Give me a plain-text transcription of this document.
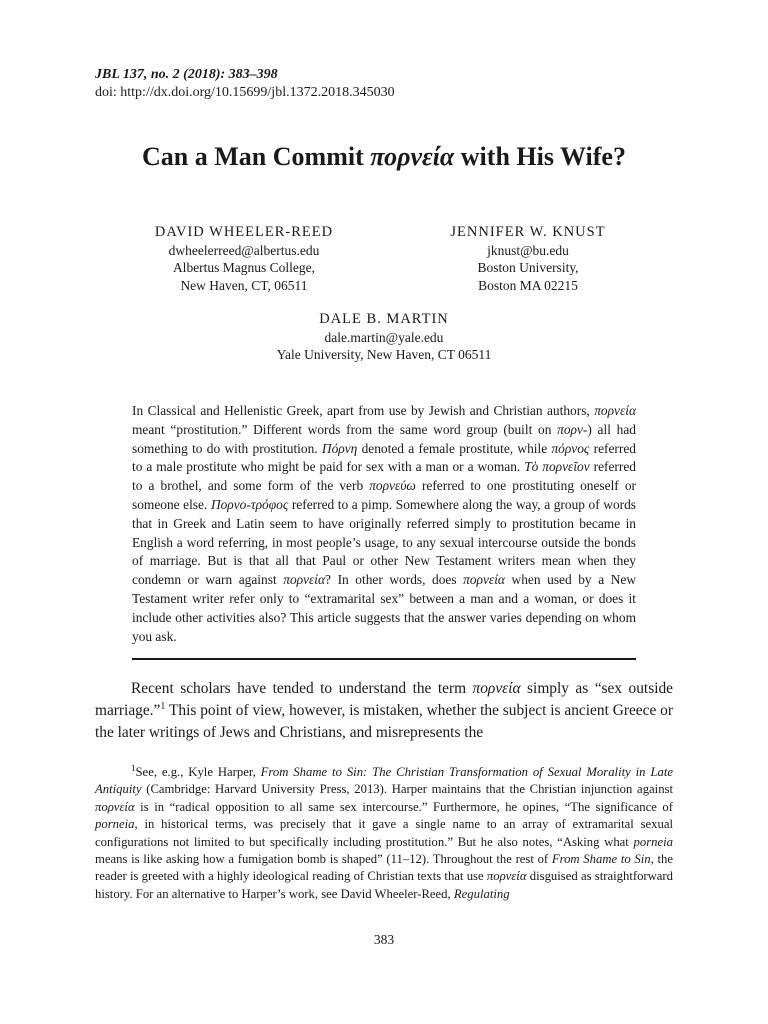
JBL 137, no. 2 (2018): 383–398
doi: http://dx.doi.org/10.15699/jbl.1372.2018.345030
Can a Man Commit πορνεία with His Wife?
DAVID WHEELER-REED
dwheelerreed@albertus.edu
Albertus Magnus College,
New Haven, CT, 06511
JENNIFER W. KNUST
jknust@bu.edu
Boston University,
Boston MA 02215
DALE B. MARTIN
dale.martin@yale.edu
Yale University, New Haven, CT 06511

In Classical and Hellenistic Greek, apart from use by Jewish and Christian authors, πορνεία meant “prostitution.” Different words from the same word group (built on πορν-) all had something to do with prostitution. Πόρνη denoted a female prostitute, while πόρνος referred to a male prostitute who might be paid for sex with a man or a woman. Τὸ πορνεῖον referred to a brothel, and some form of the verb πορνεύω referred to one prostituting oneself or someone else. Πορνο-τρόφος referred to a pimp. Somewhere along the way, a group of words that in Greek and Latin seem to have originally referred simply to prostitution became in English a word referring, in most people’s usage, to any sexual intercourse outside the bonds of marriage. But is that all that Paul or other New Testament writers mean when they condemn or warn against πορνεία? In other words, does πορνεία when used by a New Testament writer refer only to “extramarital sex” between a man and a woman, or does it include other activities also? This article suggests that the answer varies depending on whom you ask.

Recent scholars have tended to understand the term πορνεία simply as “sex outside marriage.”$^1$ This point of view, however, is mistaken, whether the subject is ancient Greece or the later writings of Jews and Christians, and misrepresents the

$^1$See, e.g., Kyle Harper, From Shame to Sin: The Christian Transformation of Sexual Morality in Late Antiquity (Cambridge: Harvard University Press, 2013). Harper maintains that the Christian injunction against πορνεία is in “radical opposition to all same sex intercourse.” Furthermore, he opines, “The significance of porneia, in historical terms, was precisely that it gave a single name to an array of extramarital sexual configurations not limited to but specifically including prostitution.” But he also notes, “Asking what porneia means is like asking how a fumigation bomb is shaped” (11–12). Throughout the rest of From Shame to Sin, the reader is greeted with a highly ideological reading of Christian texts that use πορνεία disguised as straightforward history. For an alternative to Harper’s work, see David Wheeler-Reed, Regulating

383
